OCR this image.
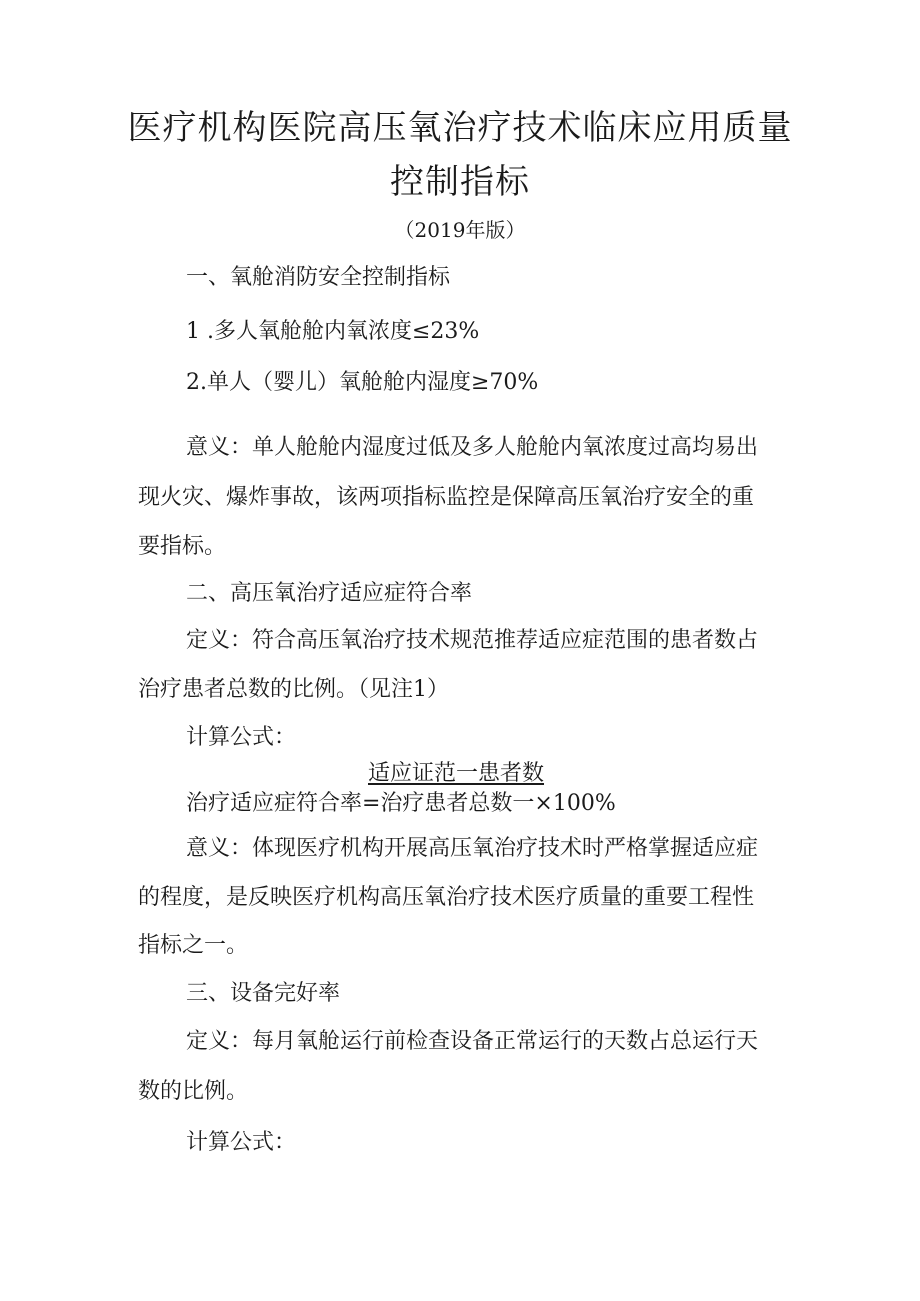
医疗机构医院高压氧治疗技术临床应用质量
控制指标
（2019年版）

一、氧舱消防安全控制指标

1 .多人氧舱舱内氧浓度≤23%

2.单人（婴儿）氧舱舱内湿度≥70%

意义：单人舱舱内湿度过低及多人舱舱内氧浓度过高均易出

现火灾、爆炸事故，该两项指标监控是保障高压氧治疗安全的重

要指标。

二、高压氧治疗适应症符合率

定义：符合高压氧治疗技术规范推荐适应症范围的患者数占

治疗患者总数的比例。（见注1）

计算公式：

适应证范一患者数

治疗适应症符合率=治疗患者总数一×100%

意义：体现医疗机构开展高压氧治疗技术时严格掌握适应症

的程度，是反映医疗机构高压氧治疗技术医疗质量的重要工程性

指标之一。

三、设备完好率

定义：每月氧舱运行前检查设备正常运行的天数占总运行天

数的比例。

计算公式：
